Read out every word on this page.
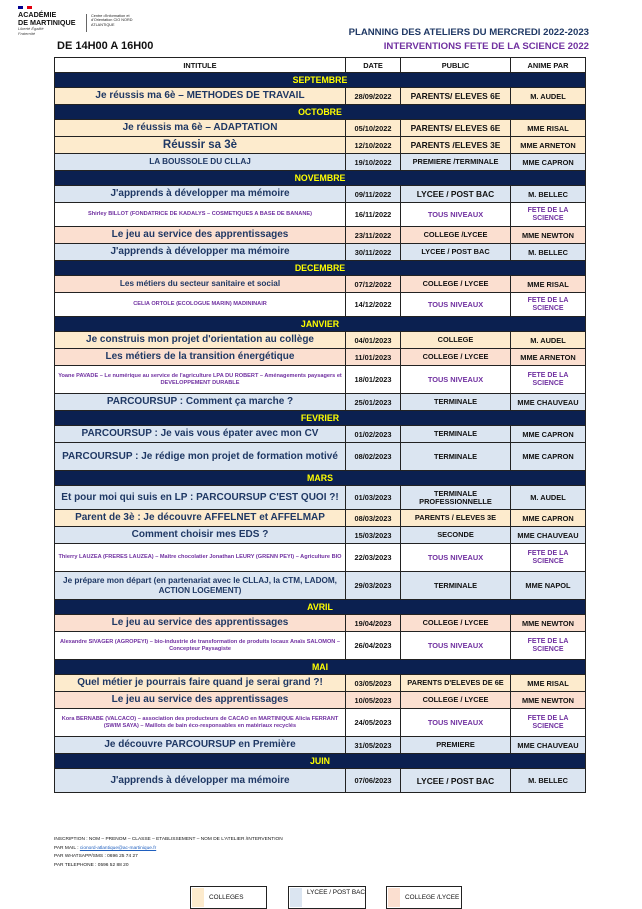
ACADÉMIE
DE MARTINIQUE
Liberté Égalité Fraternité
Centre d'Information et d'Orientation CIO NORD ATLANTIQUE
PLANNING DES ATELIERS DU MERCREDI 2022-2023
INTERVENTIONS FETE DE LA SCIENCE 2022
DE 14H00 A 16H00
INTITULE	DATE	PUBLIC	ANIME PAR
SEPTEMBRE			
Je réussis ma 6è – METHODES DE TRAVAIL	28/09/2022	PARENTS/ ELEVES 6E	M. AUDEL
OCTOBRE			
Je réussis ma 6è – ADAPTATION	05/10/2022	PARENTS/ ELEVES 6E	MME RISAL
Réussir sa 3è	12/10/2022	PARENTS /ELEVES 3E	MME ARNETON
LA BOUSSOLE DU CLLAJ	19/10/2022	PREMIERE /TERMINALE	MME CAPRON
NOVEMBRE			
J'apprends à développer ma mémoire	09/11/2022	LYCEE / POST BAC	M. BELLEC
Shirley BILLOT (FONDATRICE DE KADALYS – COSMETIQUES A BASE DE BANANE)	16/11/2022	TOUS NIVEAUX	FETE DE LA SCIENCE
Le jeu au service des apprentissages	23/11/2022	COLLEGE /LYCEE	MME NEWTON
J'apprends à développer ma mémoire	30/11/2022	LYCEE / POST BAC	M. BELLEC
DECEMBRE			
Les métiers du secteur sanitaire et social	07/12/2022	COLLEGE / LYCEE	MME RISAL
CELIA ORTOLE (ECOLOGUE MARIN) MADININAIR	14/12/2022	TOUS NIVEAUX	FETE DE LA SCIENCE
JANVIER			
Je construis mon projet d'orientation au collège	04/01/2023	COLLEGE	M. AUDEL
Les métiers de la transition énergétique	11/01/2023	COLLEGE / LYCEE	MME ARNETON
Yoane PAVADE – Le numérique au service de l'agriculture LPA DU ROBERT – Aménagements paysagers et DEVELOPPEMENT DURABLE	18/01/2023	TOUS NIVEAUX	FETE DE LA SCIENCE
PARCOURSUP : Comment ça marche ?	25/01/2023	TERMINALE	MME CHAUVEAU
FEVRIER			
PARCOURSUP : Je vais vous épater avec mon CV	01/02/2023	TERMINALE	MME CAPRON
PARCOURSUP : Je rédige mon projet de formation motivé	08/02/2023	TERMINALE	MME CAPRON
MARS			
Et pour moi qui suis en LP : PARCOURSUP C'EST QUOI ?!	01/03/2023	TERMINALE PROFESSIONNELLE	M. AUDEL
Parent de 3è : Je découvre AFFELNET et AFFELMAP	08/03/2023	PARENTS / ELEVES 3E	MME CAPRON
Comment choisir mes EDS ?	15/03/2023	SECONDE	MME CHAUVEAU
Thierry LAUZEA (FRERES LAUZEA) – Maître chocolatier Jonathan LEURY (GRENN PEYI) – Agriculture BIO	22/03/2023	TOUS NIVEAUX	FETE DE LA SCIENCE
Je prépare mon départ (en partenariat avec le CLLAJ, la CTM, LADOM, ACTION LOGEMENT)	29/03/2023	TERMINALE	MME NAPOL
AVRIL			
Le jeu au service des apprentissages	19/04/2023	COLLEGE / LYCEE	MME NEWTON
Alexandre SIVAGER (AGROPEYI) – bio-industrie de transformation de produits locaux Anaïs SALOMON – Concepteur Paysagiste	26/04/2023	TOUS NIVEAUX	FETE DE LA SCIENCE
MAI			
Quel métier je pourrais faire quand je serai grand ?!	03/05/2023	PARENTS D'ELEVES DE 6E	MME RISAL
Le jeu au service des apprentissages	10/05/2023	COLLEGE / LYCEE	MME NEWTON
Kora BERNABE (VALCACO) – association des producteurs de CACAO en MARTINIQUE Alicia FERRANT (SWIM SAYA) – Maillots de bain éco-responsables en matériaux recyclés	24/05/2023	TOUS NIVEAUX	FETE DE LA SCIENCE
Je découvre PARCOURSUP en Première	31/05/2023	PREMIERE	MME CHAUVEAU
JUIN			
J'apprends à développer ma mémoire	07/06/2023	LYCEE / POST BAC	M. BELLEC
INSCRIPTION : NOM – PRENOM – CLASSE – ETABLISSEMENT – NOM DE L'ATELIER /INTERVENTION
PAR MAIL : cionord-atlantique@ac-martinique.fr
PAR WHATSAPP/SMS : 0696 25 74 27
PAR TELEPHONE : 0596 52 88 20
COLLEGES
LYCEE / POST BAC
COLLEGE /LYCEE
